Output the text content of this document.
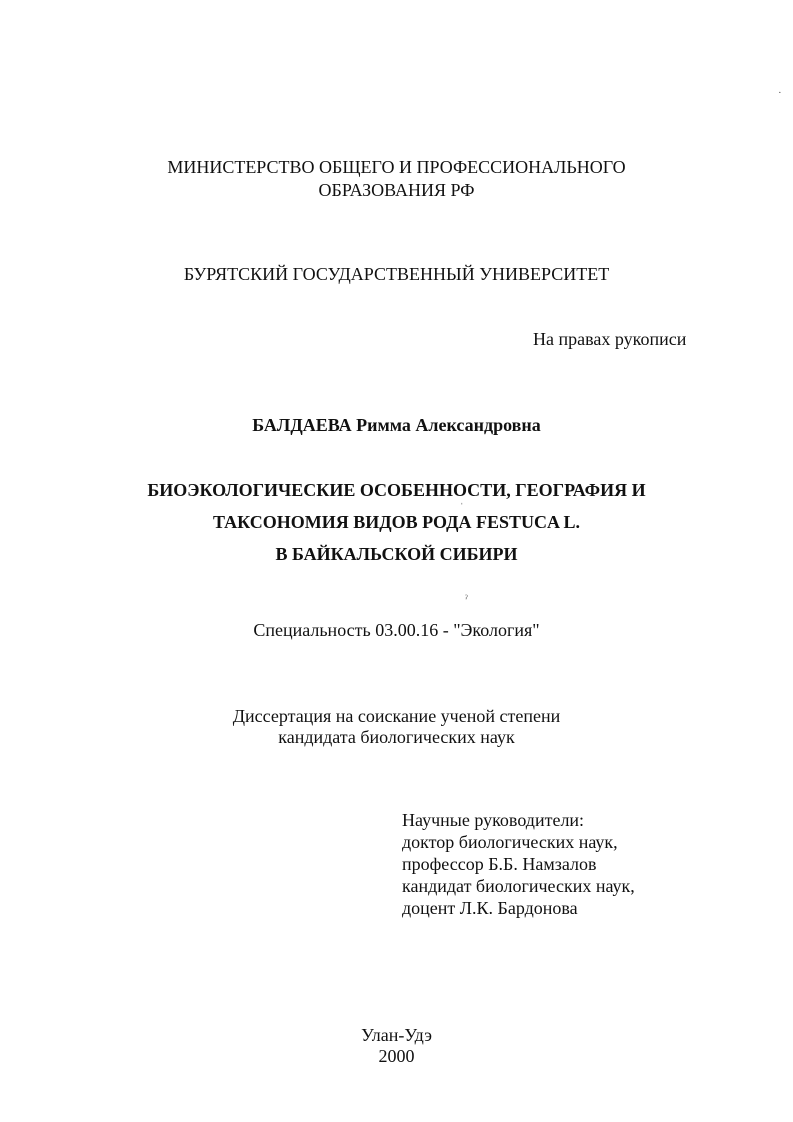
МИНИСТЕРСТВО ОБЩЕГО И ПРОФЕССИОНАЛЬНОГО
ОБРАЗОВАНИЯ РФ
БУРЯТСКИЙ ГОСУДАРСТВЕННЫЙ УНИВЕРСИТЕТ
На правах рукописи
БАЛДАЕВА Римма Александровна
БИОЭКОЛОГИЧЕСКИЕ ОСОБЕННОСТИ, ГЕОГРАФИЯ И
ТАКСОНОМИЯ ВИДОВ РОДА FESTUCA L.
В БАЙКАЛЬСКОЙ СИБИРИ
Специальность 03.00.16 - "Экология"
Диссертация на соискание ученой степени
кандидата биологических наук
Научные руководители:
доктор биологических наук,
профессор Б.Б. Намзалов
кандидат биологических наук,
доцент Л.К. Бардонова
Улан-Удэ
2000
·
ˀ
ˈ
